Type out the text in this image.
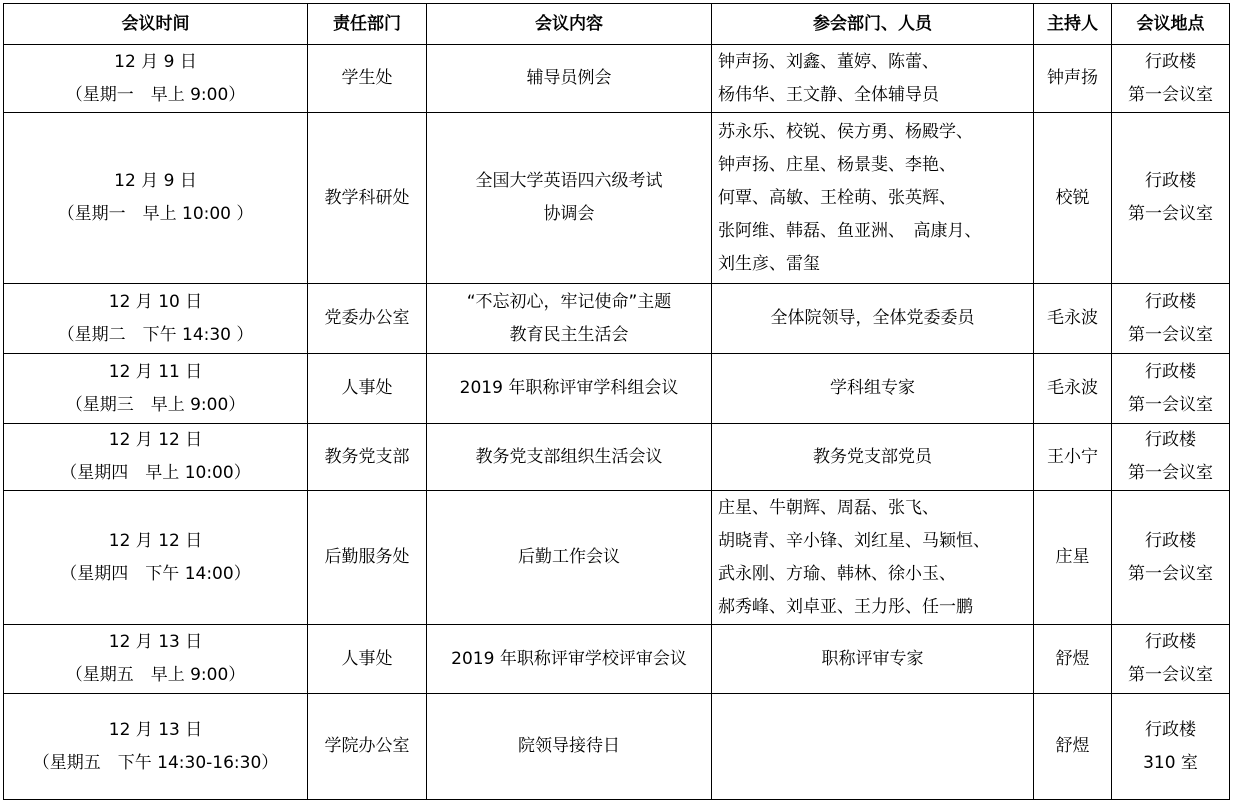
会议时间	责任部门	会议内容	参会部门、人员	主持人	会议地点

12 月 9 日
（星期一　早上 9:00）	学生处	辅导员例会	钟声扬、刘鑫、董婷、陈蕾、
杨伟华、王文静、全体辅导员	钟声扬	行政楼
第一会议室

12 月 9 日
（星期一　早上 10:00 ）	教学科研处	全国大学英语四六级考试
协调会	苏永乐、校锐、侯方勇、杨殿学、
钟声扬、庄星、杨景斐、李艳、
何覃、高敏、王栓萌、张英辉、
张阿维、韩磊、鱼亚洲、　高康月、
刘生彦、雷玺	校锐	行政楼
第一会议室

12 月 10 日
（星期二　下午 14:30 ）	党委办公室	“不忘初心，牢记使命”主题
教育民主生活会	全体院领导，全体党委委员	毛永波	行政楼
第一会议室

12 月 11 日
（星期三　早上 9:00）	人事处	2019 年职称评审学科组会议	学科组专家	毛永波	行政楼
第一会议室

12 月 12 日
（星期四　早上 10:00）	教务党支部	教务党支部组织生活会议	教务党支部党员	王小宁	行政楼
第一会议室

12 月 12 日
（星期四　下午 14:00）	后勤服务处	后勤工作会议	庄星、牛朝辉、周磊、张飞、
胡晓青、辛小锋、刘红星、马颖恒、
武永刚、方瑜、韩林、徐小玉、
郝秀峰、刘卓亚、王力彤、任一鹏	庄星	行政楼
第一会议室

12 月 13 日
（星期五　早上 9:00）	人事处	2019 年职称评审学校评审会议	职称评审专家	舒煜	行政楼
第一会议室

12 月 13 日
（星期五　下午 14:30-16:30）	学院办公室	院领导接待日		舒煜	行政楼
310 室
